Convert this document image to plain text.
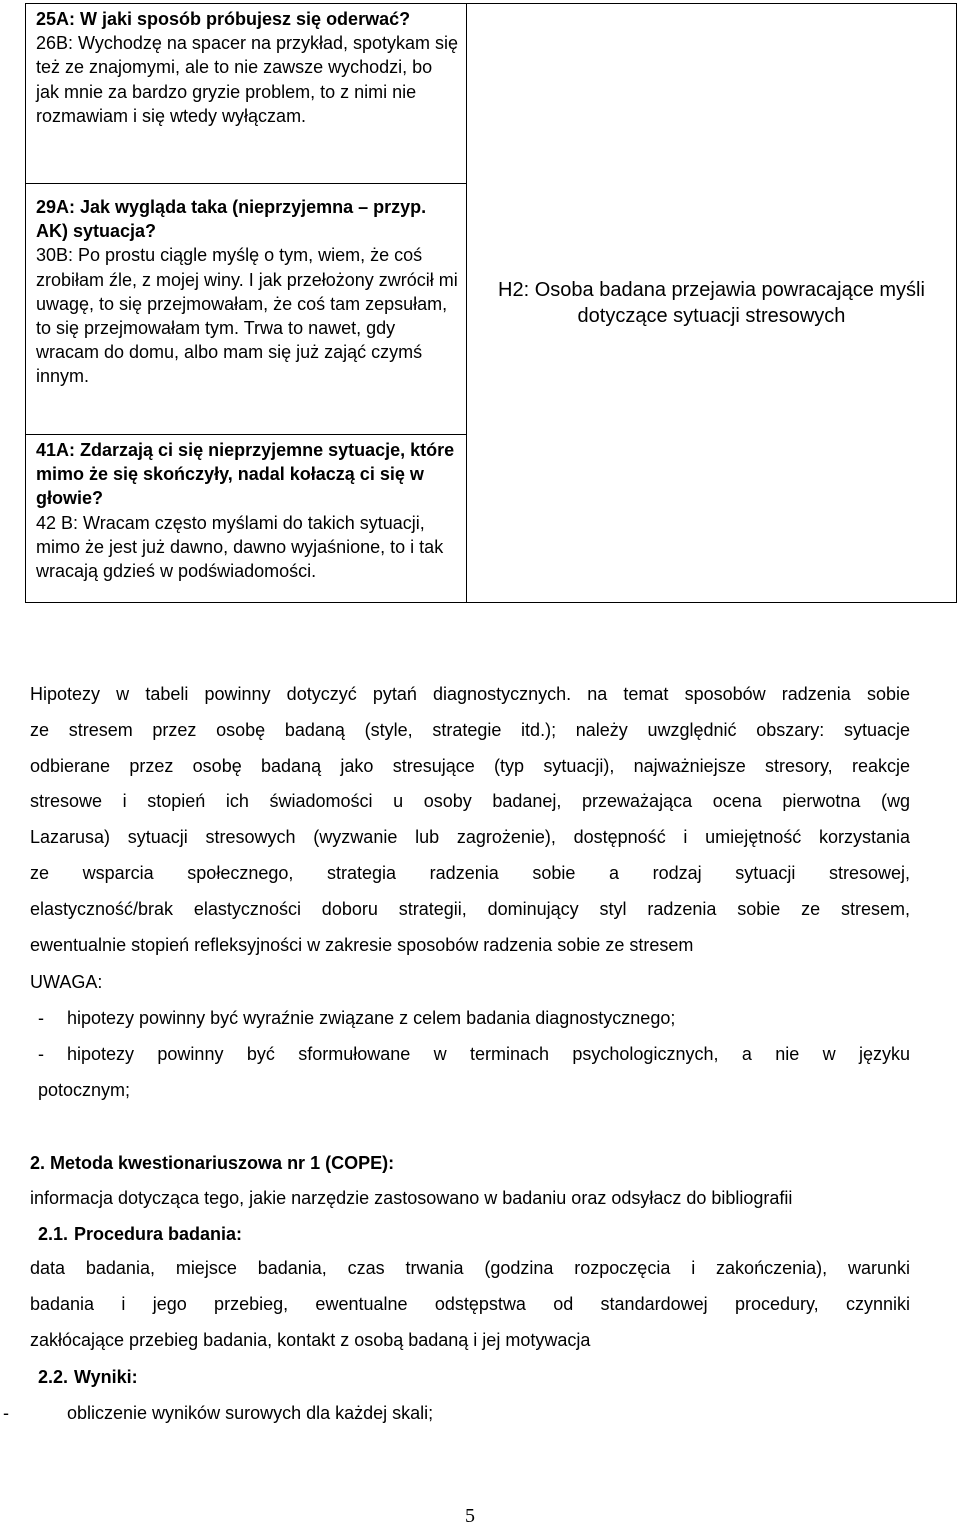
25A: W jaki sposób próbujesz się oderwać?
26B: Wychodzę na spacer na przykład, spotykam się też ze znajomymi, ale to nie zawsze wychodzi, bo jak mnie za bardzo gryzie problem, to z nimi nie rozmawiam i się wtedy wyłączam.

H2: Osoba badana przejawia powracające myśli dotyczące sytuacji stresowych

29A: Jak wygląda taka (nieprzyjemna – przyp. AK) sytuacja?
30B: Po prostu ciągle myślę o tym, wiem, że coś zrobiłam źle, z mojej winy. I jak przełożony zwrócił mi uwagę, to się przejmowałam, że coś tam zepsułam, to się przejmowałam tym. Trwa to nawet, gdy wracam do domu, albo mam się już zająć czymś innym.

41A: Zdarzają ci się nieprzyjemne sytuacje, które mimo że się skończyły, nadal kołaczą ci się w głowie?
42 B: Wracam często myślami do takich sytuacji, mimo że jest już dawno, dawno wyjaśnione, to i tak wracają gdzieś w podświadomości.
Hipotezy w tabeli powinny dotyczyć pytań diagnostycznych. na temat sposobów radzenia sobie
ze stresem przez osobę badaną (style, strategie itd.); należy uwzględnić obszary: sytuacje
odbierane przez osobę badaną jako stresujące (typ sytuacji), najważniejsze stresory, reakcje
stresowe i stopień ich świadomości u osoby badanej, przeważająca ocena pierwotna (wg
Lazarusa) sytuacji stresowych (wyzwanie lub zagrożenie), dostępność i umiejętność korzystania
ze wsparcia społecznego, strategia radzenia sobie a rodzaj sytuacji stresowej,
elastyczność/brak elastyczności doboru strategii, dominujący styl radzenia sobie ze stresem,
ewentualnie stopień refleksyjności w zakresie sposobów radzenia sobie ze stresem
UWAGA:
- hipotezy powinny być wyraźnie związane z celem badania diagnostycznego;
- hipotezy powinny być sformułowane w terminach psychologicznych, a nie w języku
potocznym;
2. Metoda kwestionariuszowa nr 1 (COPE):
informacja dotycząca tego, jakie narzędzie zastosowano w badaniu oraz odsyłacz do bibliografii
2.1. Procedura badania:
data badania, miejsce badania, czas trwania (godzina rozpoczęcia i zakończenia), warunki
badania i jego przebieg, ewentualne odstępstwa od standardowej procedury, czynniki
zakłócające przebieg badania, kontakt z osobą badaną i jej motywacja
2.2. Wyniki:
-	obliczenie wyników surowych dla każdej skali;
5
